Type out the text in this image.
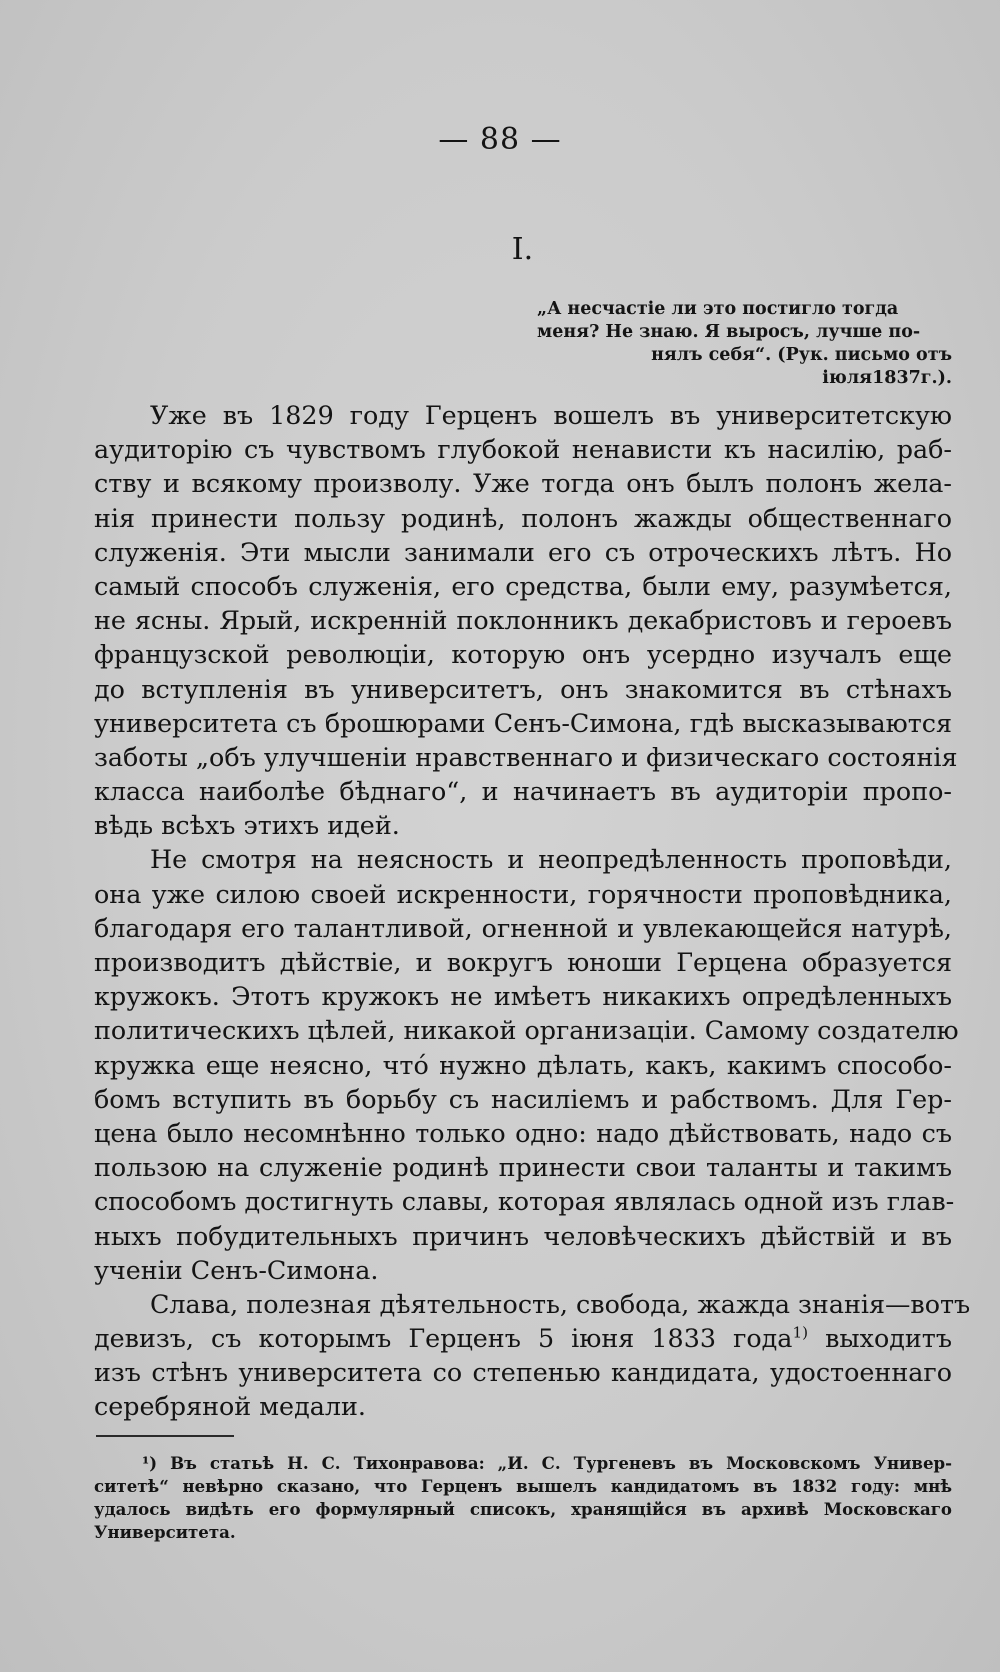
— 88 —
I.
„А несчастіе ли это постигло тогда
меня? Не знаю. Я выросъ, лучше по-
нялъ себя“. (Рук. письмо отъ іюля1837г.).
Уже въ 1829 году Герценъ вошелъ въ университетскую
аудиторію съ чувствомъ глубокой ненависти къ насилію, раб-
ству и всякому произволу. Уже тогда онъ былъ полонъ жела-
нія принести пользу родинѣ, полонъ жажды общественнаго
служенія. Эти мысли занимали его съ отроческихъ лѣтъ. Но
самый способъ служенія, его средства, были ему, разумѣется,
не ясны. Ярый, искренній поклонникъ декабристовъ и героевъ
французской революціи, которую онъ усердно изучалъ еще
до вступленія въ университетъ, онъ знакомится въ стѣнахъ
университета съ брошюрами Сенъ-Симона, гдѣ высказываются
заботы „объ улучшеніи нравственнаго и физическаго состоянія
класса наиболѣе бѣднаго“, и начинаетъ въ аудиторіи пропо-
вѣдь всѣхъ этихъ идей.
Не смотря на неясность и неопредѣленность проповѣди,
она уже силою своей искренности, горячности проповѣдника,
благодаря его талантливой, огненной и увлекающейся натурѣ,
производитъ дѣйствіе, и вокругъ юноши Герцена образуется
кружокъ. Этотъ кружокъ не имѣетъ никакихъ опредѣленныхъ
политическихъ цѣлей, никакой организаціи. Самому создателю
кружка еще неясно, чтó нужно дѣлать, какъ, какимъ способо-
бомъ вступить въ борьбу съ насиліемъ и рабствомъ. Для Гер-
цена было несомнѣнно только одно: надо дѣйствовать, надо съ
пользою на служеніе родинѣ принести свои таланты и такимъ
способомъ достигнуть славы, которая являлась одной изъ глав-
ныхъ побудительныхъ причинъ человѣческихъ дѣйствій и въ
ученіи Сенъ-Симона.
Слава, полезная дѣятельность, свобода, жажда знанія—вотъ
девизъ, съ которымъ Герценъ 5 іюня 1833 года$^{1)}$ выходитъ
изъ стѣнъ университета со степенью кандидата, удостоеннаго
серебряной медали.
¹) Въ статьѣ Н. С. Тихонравова: „И. С. Тургеневъ въ Московскомъ Универ-
ситетѣ“ невѣрно сказано, что Герценъ вышелъ кандидатомъ въ 1832 году: мнѣ
удалось видѣть его формулярный списокъ, хранящійся въ архивѣ Московскаго
Университета.
